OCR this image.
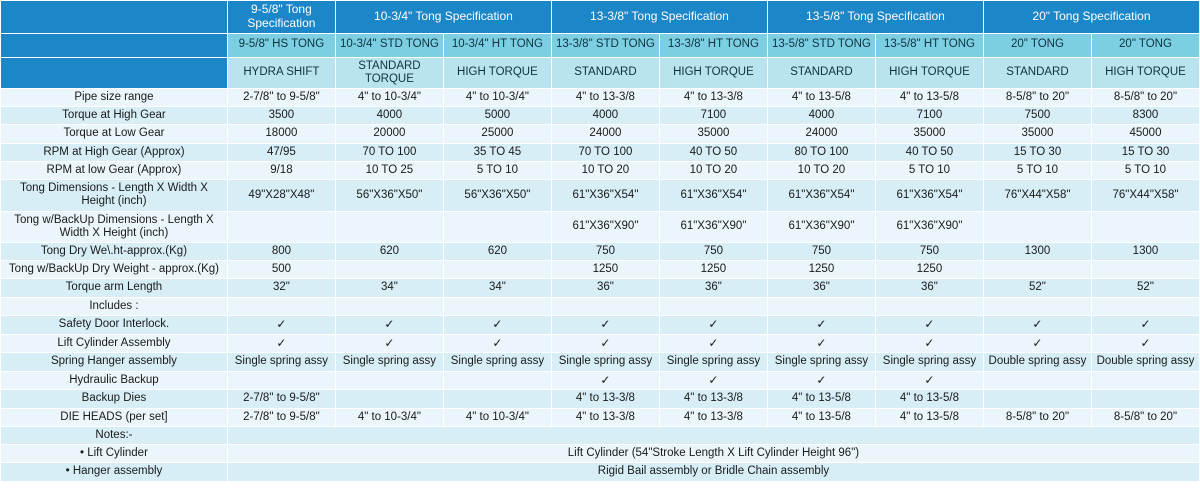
	9-5/8" Tong Specification	10-3/4" Tong Specification		13-3/8" Tong Specification		13-5/8" Tong Specification		20" Tong Specification	
	9-5/8" HS TONG	10-3/4" STD TONG	10-3/4" HT TONG	13-3/8" STD TONG	13-3/8" HT TONG	13-5/8" STD TONG	13-5/8" HT TONG	20" TONG	20" TONG
	HYDRA SHIFT	STANDARD TORQUE	HIGH TORQUE	STANDARD	HIGH TORQUE	STANDARD	HIGH TORQUE	STANDARD	HIGH TORQUE
Pipe size range	2-7/8" to 9-5/8"	4" to 10-3/4"	4" to 10-3/4"	4" to 13-3/8	4" to 13-3/8	4" to 13-5/8	4" to 13-5/8	8-5/8" to 20"	8-5/8" to 20"
Torque at High Gear	3500	4000	5000	4000	7100	4000	7100	7500	8300
Torque at Low Gear	18000	20000	25000	24000	35000	24000	35000	35000	45000
RPM at High Gear (Approx)	47/95	70 TO 100	35 TO 45	70 TO 100	40 TO 50	80 TO 100	40 TO 50	15 TO 30	15 TO 30
RPM at low Gear (Approx)	9/18	10 TO 25	5 TO 10	10 TO 20	10 TO 20	10 TO 20	5 TO 10	5 TO 10	5 TO 10
Tong Dimensions - Length X Width X Height (inch)	49"X28"X48"	56"X36"X50"	56"X36"X50"	61"X36"X54"	61"X36"X54"	61"X36"X54"	61"X36"X54"	76"X44"X58"	76"X44"X58"
Tong w/BackUp Dimensions - Length X Width X Height (inch)				61"X36"X90"	61"X36"X90"	61"X36"X90"	61"X36"X90"		
Tong Dry We\.ht-approx.(Kg)	800	620	620	750	750	750	750	1300	1300
Tong w/BackUp Dry Weight - approx.(Kg)	500			1250	1250	1250	1250		
Torque arm Length	32"	34"	34"	36"	36"	36"	36"	52"	52"
Includes :									
Safety Door Interlock.	✓	✓	✓	✓	✓	✓	✓	✓	✓
Lift Cylinder Assembly	✓	✓	✓	✓	✓	✓	✓	✓	✓
Spring Hanger assembly	Single spring assy	Single spring assy	Single spring assy	Single spring assy	Single spring assy	Single spring assy	Single spring assy	Double spring assy	Double spring assy
Hydraulic Backup				✓	✓	✓	✓		
Backup Dies	2-7/8" to 9-5/8"			4" to 13-3/8	4" to 13-3/8	4" to 13-5/8	4" to 13-5/8		
DIE HEADS (per set]	2-7/8" to 9-5/8"	4" to 10-3/4"	4" to 10-3/4"	4" to 13-3/8	4" to 13-3/8	4" to 13-5/8	4" to 13-5/8	8-5/8" to 20"	8-5/8" to 20"
Notes:-									
• Lift Cylinder	Lift Cylinder (54"Stroke Length X Lift Cylinder Height 96")								
• Hanger assembly	Rigid Bail assembly or Bridle Chain assembly								
